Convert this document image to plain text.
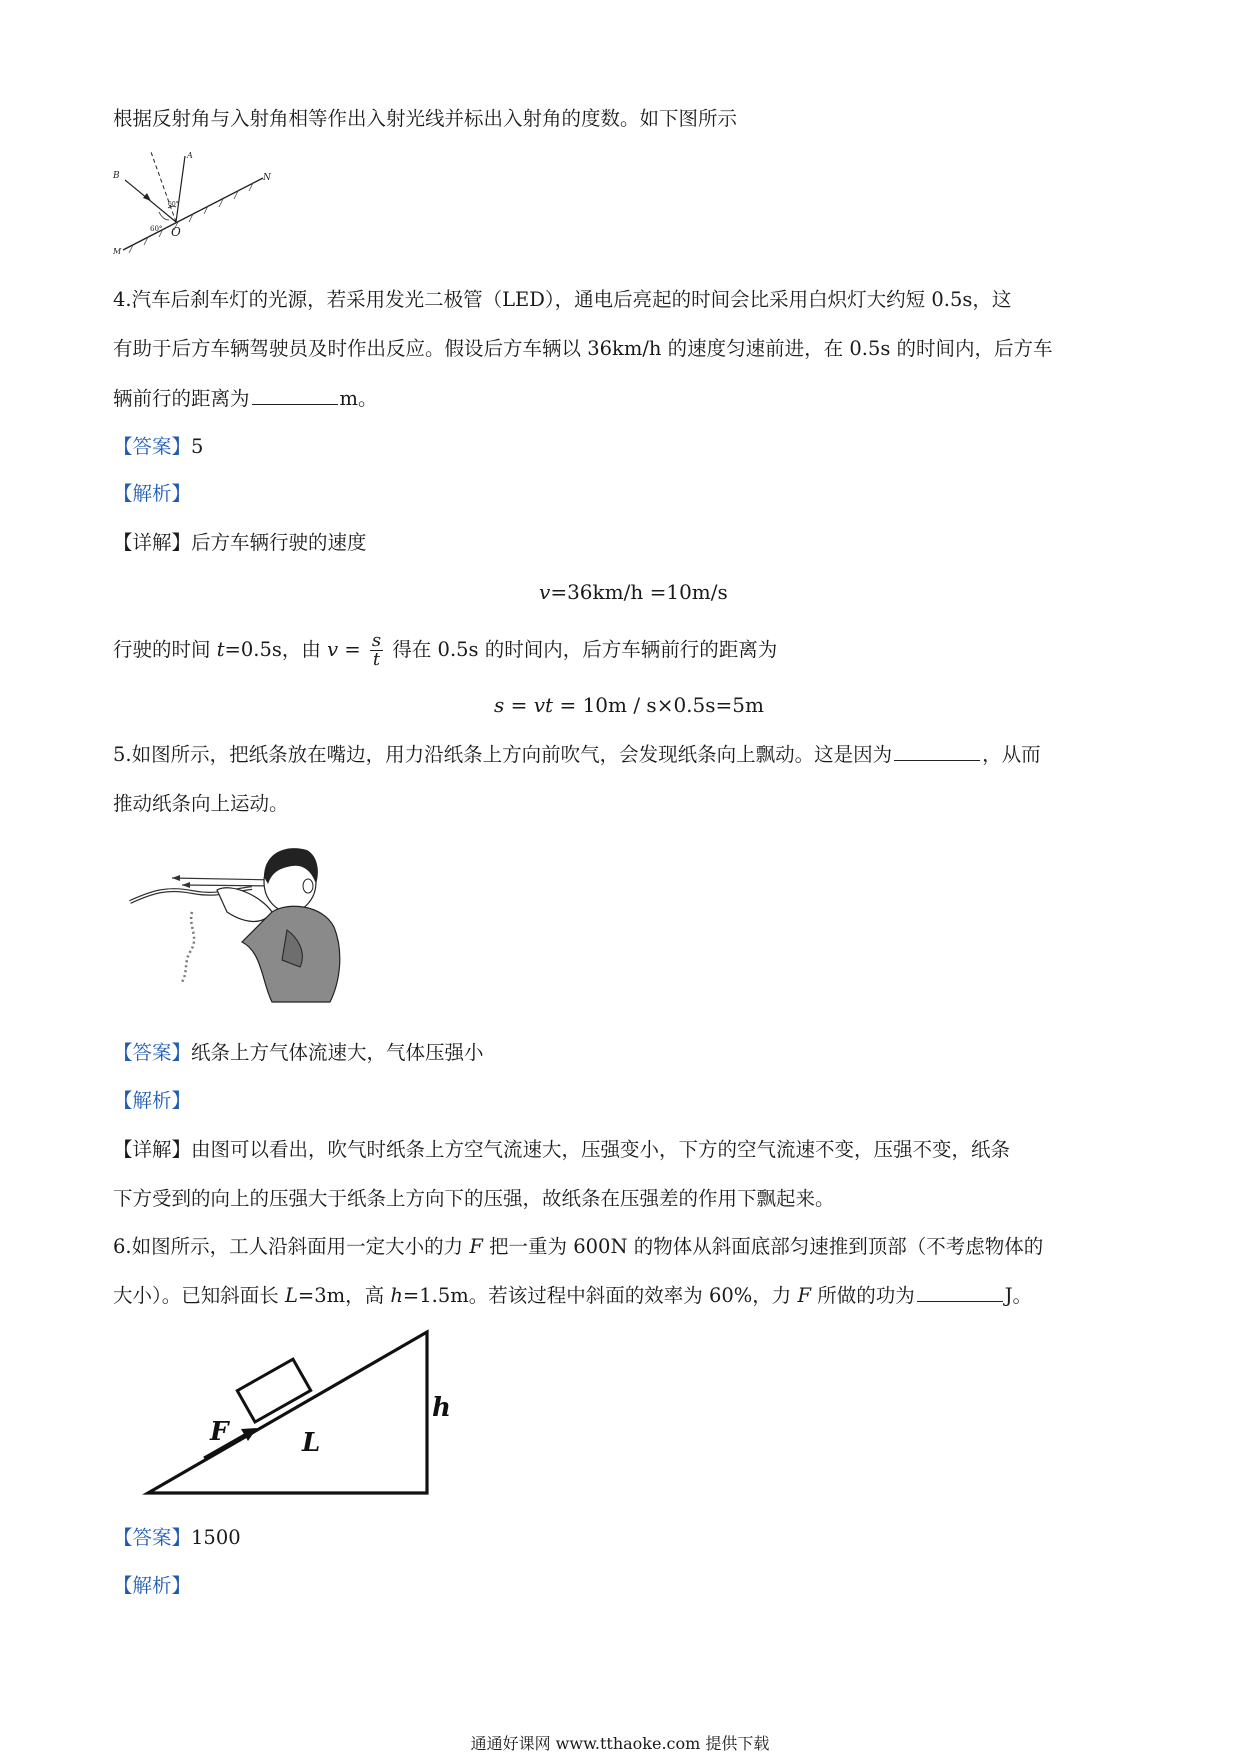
根据反射角与入射角相等作出入射光线并标出入射角的度数。如下图所示
B
A
N
M
O
60°
60°
4.汽车后刹车灯的光源，若采用发光二极管（LED），通电后亮起的时间会比采用白炽灯大约短 0.5s，这
有助于后方车辆驾驶员及时作出反应。假设后方车辆以 36km/h 的速度匀速前进，在 0.5s 的时间内，后方车
辆前行的距离为	m。
【答案】5
【解析】
【详解】后方车辆行驶的速度
v=36km/h =10m/s
行驶的时间 t=0.5s，由 $v = \frac{s}{t}$ 得在 0.5s 的时间内，后方车辆前行的距离为
s = vt = 10m / s×0.5s=5m
5.如图所示，把纸条放在嘴边，用力沿纸条上方向前吹气，会发现纸条向上飘动。这是因为	，从而
推动纸条向上运动。
【答案】纸条上方气体流速大，气体压强小
【解析】
【详解】由图可以看出，吹气时纸条上方空气流速大，压强变小，下方的空气流速不变，压强不变，纸条
下方受到的向上的压强大于纸条上方向下的压强，故纸条在压强差的作用下飘起来。
6.如图所示，工人沿斜面用一定大小的力 F 把一重为 600N 的物体从斜面底部匀速推到顶部（不考虑物体的
大小）。已知斜面长 L=3m，高 h=1.5m。若该过程中斜面的效率为 60%，力 F 所做的功为	J。
F	L
h
【答案】1500
【解析】
通通好课网 www.tthaoke.com 提供下载
